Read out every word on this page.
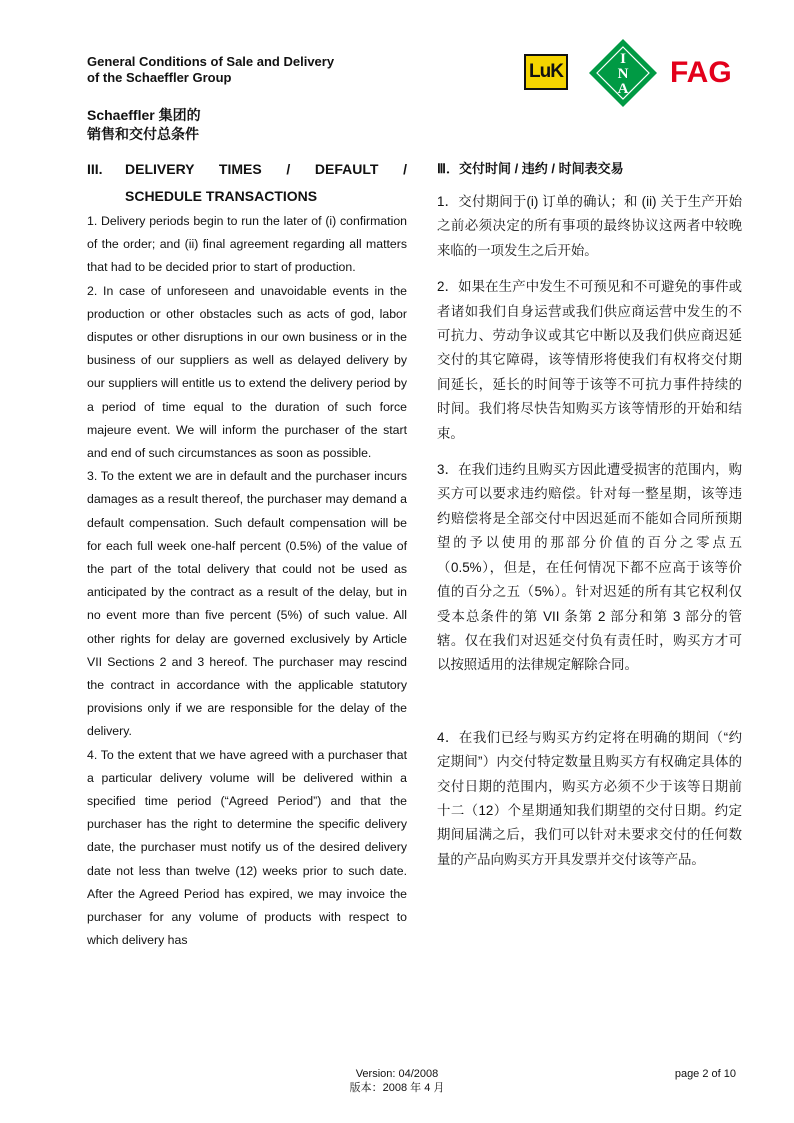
General Conditions of Sale and Delivery
of the Schaeffler Group
Schaeffler 集团的
销售和交付总条件
LuK
I
N
A FAG
III.	DELIVERY TIMES / DEFAULT /
SCHEDULE TRANSACTIONS

1. Delivery periods begin to run the later of (i) confirmation of the order; and (ii) final agreement regarding all matters that had to be decided prior to start of production.

2. In case of unforeseen and unavoidable events in the production or other obstacles such as acts of god, labor disputes or other disruptions in our own business or in the business of our suppliers as well as delayed delivery by our suppliers will entitle us to extend the delivery period by a period of time equal to the duration of such force majeure event. We will inform the purchaser of the start and end of such circumstances as soon as possible.

3. To the extent we are in default and the purchaser incurs damages as a result thereof, the purchaser may demand a default compensation. Such default compensation will be for each full week one-half percent (0.5%) of the value of the part of the total delivery that could not be used as anticipated by the contract as a result of the delay, but in no event more than five percent (5%) of such value. All other rights for delay are governed exclusively by Article VII Sections 2 and 3 hereof. The purchaser may rescind the contract in accordance with the applicable statutory provisions only if we are responsible for the delay of the delivery.

4. To the extent that we have agreed with a purchaser that a particular delivery volume will be delivered within a specified time period (“Agreed Period”) and that the purchaser has the right to determine the specific delivery date, the purchaser must notify us of the desired delivery date not less than twelve (12) weeks prior to such date. After the Agreed Period has expired, we may invoice the purchaser for any volume of products with respect to which delivery has

Ⅲ．交付时间 / 违约 / 时间表交易

1．交付期间于(i) 订单的确认；和 (ii) 关于生产开始之前必须决定的所有事项的最终协议这两者中较晚来临的一项发生之后开始。

2．如果在生产中发生不可预见和不可避免的事件或者诸如我们自身运营或我们供应商运营中发生的不可抗力、劳动争议或其它中断以及我们供应商迟延交付的其它障碍，该等情形将使我们有权将交付期间延长，延长的时间等于该等不可抗力事件持续的时间。我们将尽快告知购买方该等情形的开始和结束。

3．在我们违约且购买方因此遭受损害的范围内，购买方可以要求违约赔偿。针对每一整星期，该等违约赔偿将是全部交付中因迟延而不能如合同所预期望的予以使用的那部分价值的百分之零点五（0.5%），但是，在任何情况下都不应高于该等价值的百分之五（5%）。针对迟延的所有其它权利仅受本总条件的第 VII 条第 2 部分和第 3 部分的管辖。仅在我们对迟延交付负有责任时，购买方才可以按照适用的法律规定解除合同。

4．在我们已经与购买方约定将在明确的期间（“约定期间”）内交付特定数量且购买方有权确定具体的交付日期的范围内，购买方必须不少于该等日期前十二（12）个星期通知我们期望的交付日期。约定期间届满之后，我们可以针对未要求交付的任何数量的产品向购买方开具发票并交付该等产品。

Version: 04/2008
版本：2008 年 4 月
page 2 of 10
